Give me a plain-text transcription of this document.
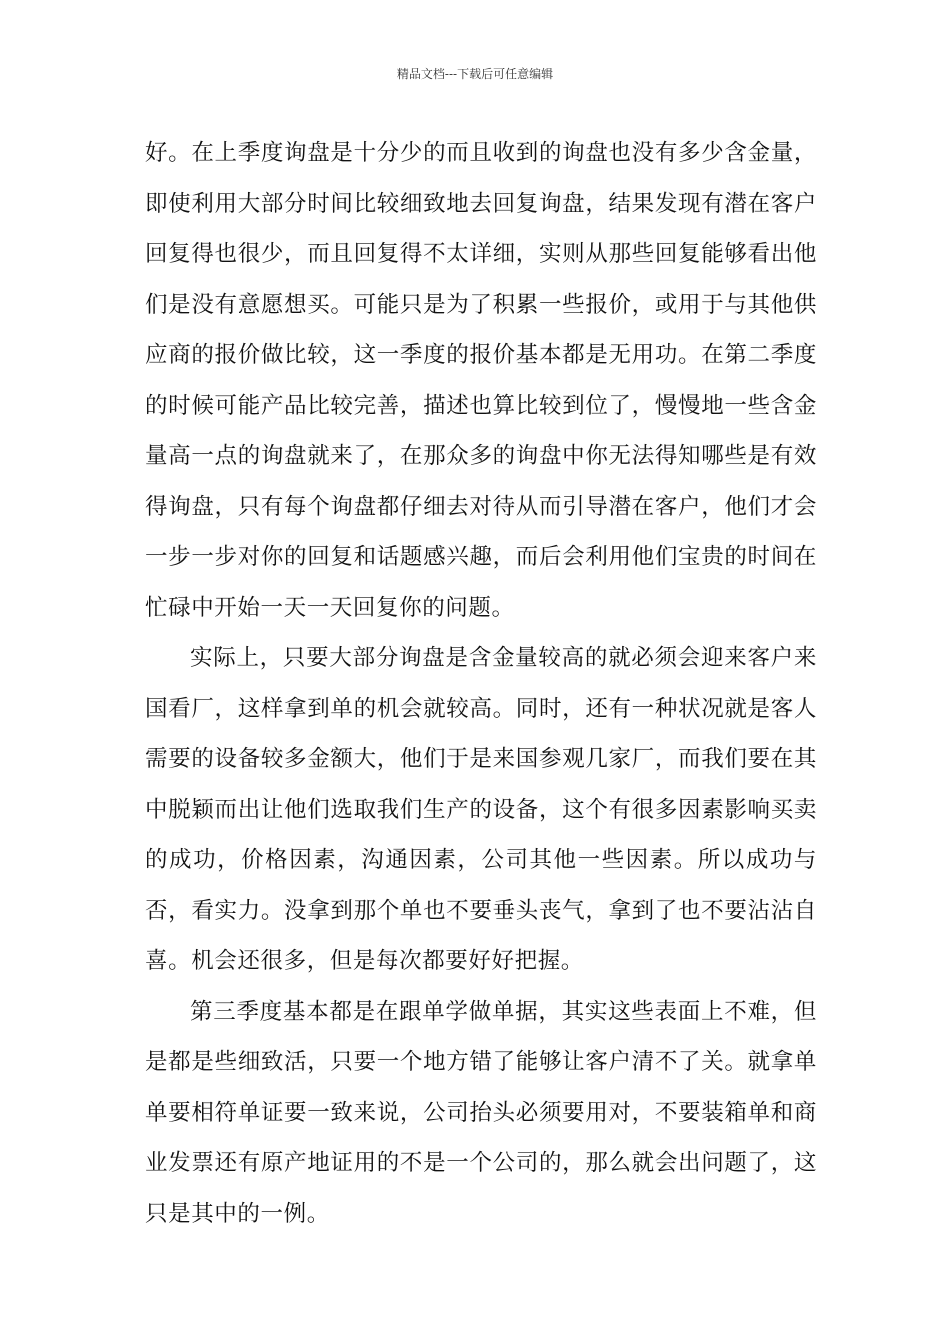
精品文档---下载后可任意编辑

好。在上季度询盘是十分少的而且收到的询盘也没有多少含金量，即使利用大部分时间比较细致地去回复询盘，结果发现有潜在客户回复得也很少，而且回复得不太详细，实则从那些回复能够看出他们是没有意愿想买。可能只是为了积累一些报价，或用于与其他供应商的报价做比较，这一季度的报价基本都是无用功。在第二季度的时候可能产品比较完善，描述也算比较到位了，慢慢地一些含金量高一点的询盘就来了，在那众多的询盘中你无法得知哪些是有效得询盘，只有每个询盘都仔细去对待从而引导潜在客户，他们才会一步一步对你的回复和话题感兴趣，而后会利用他们宝贵的时间在忙碌中开始一天一天回复你的问题。

实际上，只要大部分询盘是含金量较高的就必须会迎来客户来国看厂，这样拿到单的机会就较高。同时，还有一种状况就是客人需要的设备较多金额大，他们于是来国参观几家厂，而我们要在其中脱颖而出让他们选取我们生产的设备，这个有很多因素影响买卖的成功，价格因素，沟通因素，公司其他一些因素。所以成功与否，看实力。没拿到那个单也不要垂头丧气，拿到了也不要沾沾自喜。机会还很多，但是每次都要好好把握。

第三季度基本都是在跟单学做单据，其实这些表面上不难，但是都是些细致活，只要一个地方错了能够让客户清不了关。就拿单单要相符单证要一致来说，公司抬头必须要用对，不要装箱单和商业发票还有原产地证用的不是一个公司的，那么就会出问题了，这只是其中的一例。
